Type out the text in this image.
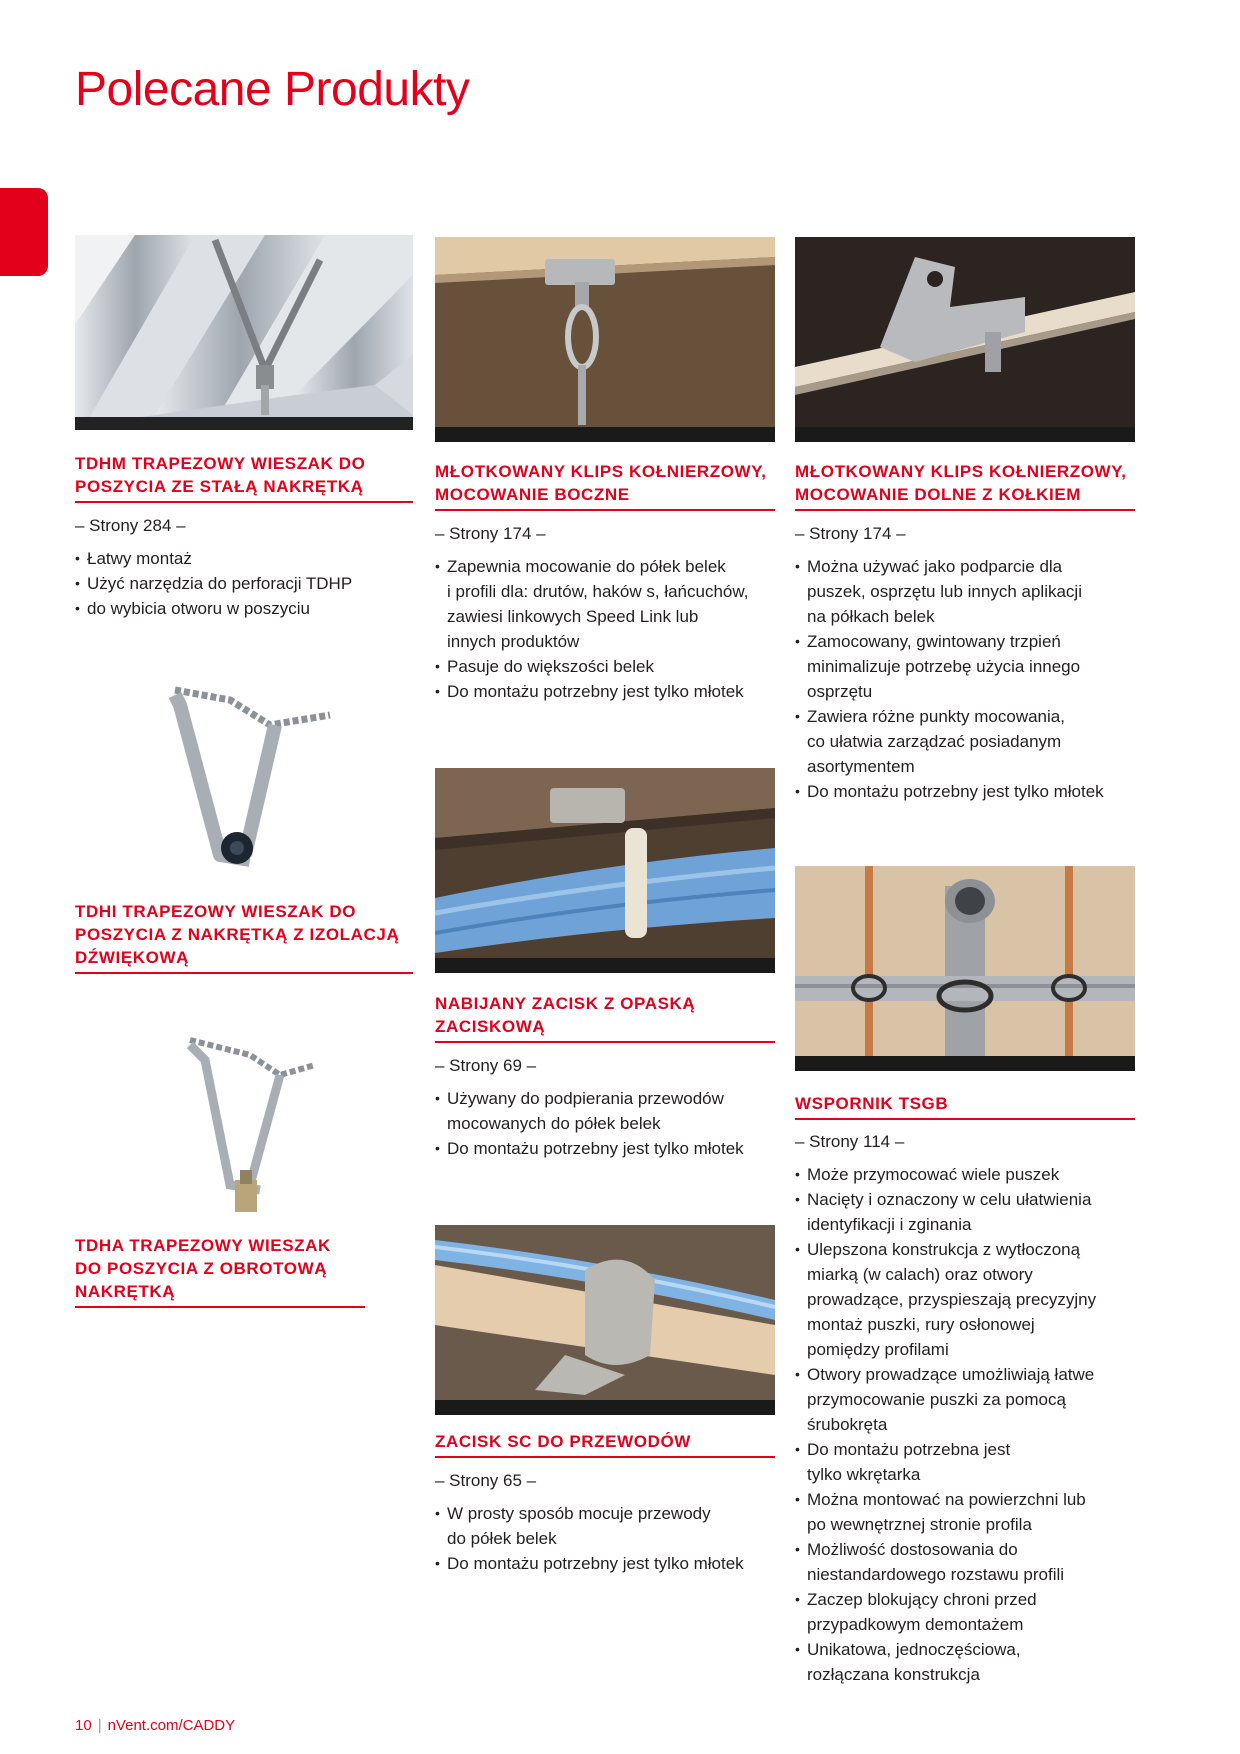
Polecane Produkty
TDHM TRAPEZOWY WIESZAK DO
POSZYCIA ZE STAŁĄ NAKRĘTKĄ
– Strony 284 –
• Łatwy montaż
• Użyć narzędzia do perforacji TDHP
• do wybicia otworu w poszyciu
TDHI TRAPEZOWY WIESZAK DO
POSZYCIA Z NAKRĘTKĄ Z IZOLACJĄ
DŹWIĘKOWĄ
TDHA TRAPEZOWY WIESZAK
DO POSZYCIA Z OBROTOWĄ
NAKRĘTKĄ
MŁOTKOWANY KLIPS KOŁNIERZOWY,
MOCOWANIE BOCZNE
– Strony 174 –
• Zapewnia mocowanie do półek belek
i profili dla: drutów, haków s, łańcuchów,
zawiesi linkowych Speed Link lub
innych produktów
• Pasuje do większości belek
• Do montażu potrzebny jest tylko młotek
NABIJANY ZACISK Z OPASKĄ
ZACISKOWĄ
– Strony 69 –
• Używany do podpierania przewodów
mocowanych do półek belek
• Do montażu potrzebny jest tylko młotek
ZACISK SC DO PRZEWODÓW
– Strony 65 –
• W prosty sposób mocuje przewody
do półek belek
• Do montażu potrzebny jest tylko młotek
MŁOTKOWANY KLIPS KOŁNIERZOWY,
MOCOWANIE DOLNE Z KOŁKIEM
– Strony 174 –
• Można używać jako podparcie dla
puszek, osprzętu lub innych aplikacji
na półkach belek
• Zamocowany, gwintowany trzpień
minimalizuje potrzebę użycia innego
osprzętu
• Zawiera różne punkty mocowania,
co ułatwia zarządzać posiadanym
asortymentem
• Do montażu potrzebny jest tylko młotek
WSPORNIK TSGB
– Strony 114 –
• Może przymocować wiele puszek
• Nacięty i oznaczony w celu ułatwienia
identyfikacji i zginania
• Ulepszona konstrukcja z wytłoczoną
miarką (w calach) oraz otwory
prowadzące, przyspieszają precyzyjny
montaż puszki, rury osłonowej
pomiędzy profilami
• Otwory prowadzące umożliwiają łatwe
przymocowanie puszki za pomocą
śrubokręta
• Do montażu potrzebna jest
tylko wkrętarka
• Można montować na powierzchni lub
po wewnętrznej stronie profila
• Możliwość dostosowania do
niestandardowego rozstawu profili
• Zaczep blokujący chroni przed
przypadkowym demontażem
• Unikatowa, jednoczęściowa,
rozłączana konstrukcja
10 | nVent.com/CADDY
